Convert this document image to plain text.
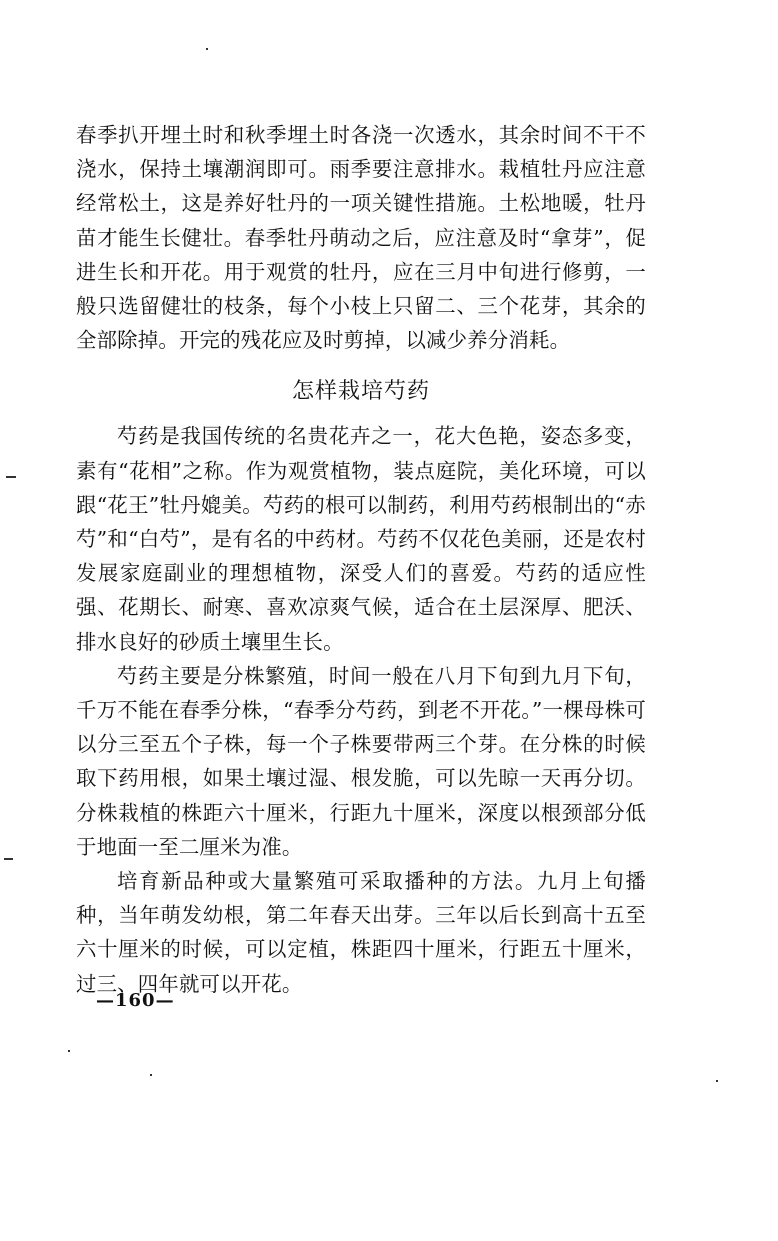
春季扒开埋土时和秋季埋土时各浇一次透水，其余时间不干不浇水，保持土壤潮润即可。雨季要注意排水。栽植牡丹应注意经常松土，这是养好牡丹的一项关键性措施。土松地暖，牡丹苗才能生长健壮。春季牡丹萌动之后，应注意及时“拿芽”，促进生长和开花。用于观赏的牡丹，应在三月中旬进行修剪，一般只选留健壮的枝条，每个小枝上只留二、三个花芽，其余的全部除掉。开完的残花应及时剪掉，以减少养分消耗。

怎样栽培芍药

芍药是我国传统的名贵花卉之一，花大色艳，姿态多变，素有“花相”之称。作为观赏植物，装点庭院，美化环境，可以跟“花王”牡丹媲美。芍药的根可以制药，利用芍药根制出的“赤芍”和“白芍”，是有名的中药材。芍药不仅花色美丽，还是农村发展家庭副业的理想植物，深受人们的喜爱。芍药的适应性强、花期长、耐寒、喜欢凉爽气候，适合在土层深厚、肥沃、排水良好的砂质土壤里生长。

芍药主要是分株繁殖，时间一般在八月下旬到九月下旬，千万不能在春季分株，“春季分芍药，到老不开花。”一棵母株可以分三至五个子株，每一个子株要带两三个芽。在分株的时候取下药用根，如果土壤过湿、根发脆，可以先晾一天再分切。分株栽植的株距六十厘米，行距九十厘米，深度以根颈部分低于地面一至二厘米为准。

培育新品种或大量繁殖可采取播种的方法。九月上旬播种，当年萌发幼根，第二年春天出芽。三年以后长到高十五至六十厘米的时候，可以定植，株距四十厘米，行距五十厘米，过三、四年就可以开花。

—160—
